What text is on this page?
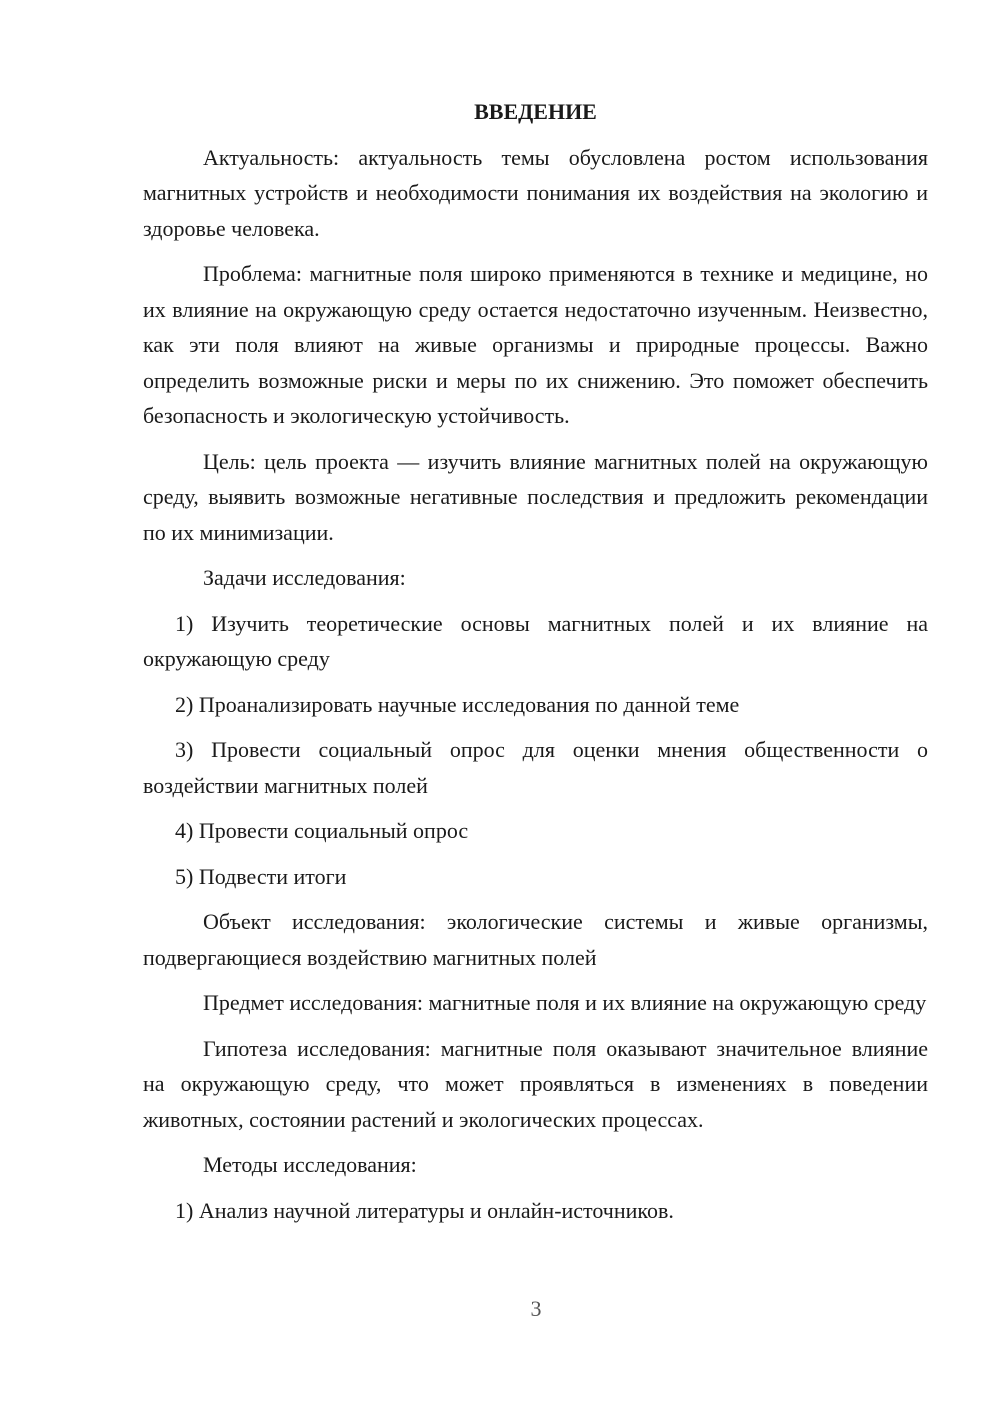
ВВЕДЕНИЕ

Актуальность: актуальность темы обусловлена ростом использования магнитных устройств и необходимости понимания их воздействия на экологию и здоровье человека.

Проблема: магнитные поля широко применяются в технике и медицине, но их влияние на окружающую среду остается недостаточно изученным. Неизвестно, как эти поля влияют на живые организмы и природные процессы. Важно определить возможные риски и меры по их снижению. Это поможет обеспечить безопасность и экологическую устойчивость.

Цель: цель проекта — изучить влияние магнитных полей на окружающую среду, выявить возможные негативные последствия и предложить рекомендации по их минимизации.

Задачи исследования:

1) Изучить теоретические основы магнитных полей и их влияние на окружающую среду

2) Проанализировать научные исследования по данной теме

3) Провести социальный опрос для оценки мнения общественности о воздействии магнитных полей

4) Провести социальный опрос

5) Подвести итоги

Объект исследования: экологические системы и живые организмы, подвергающиеся воздействию магнитных полей

Предмет исследования: магнитные поля и их влияние на окружающую среду

Гипотеза исследования: магнитные поля оказывают значительное влияние на окружающую среду, что может проявляться в изменениях в поведении животных, состоянии растений и экологических процессах.

Методы исследования:

1) Анализ научной литературы и онлайн-источников.

3
